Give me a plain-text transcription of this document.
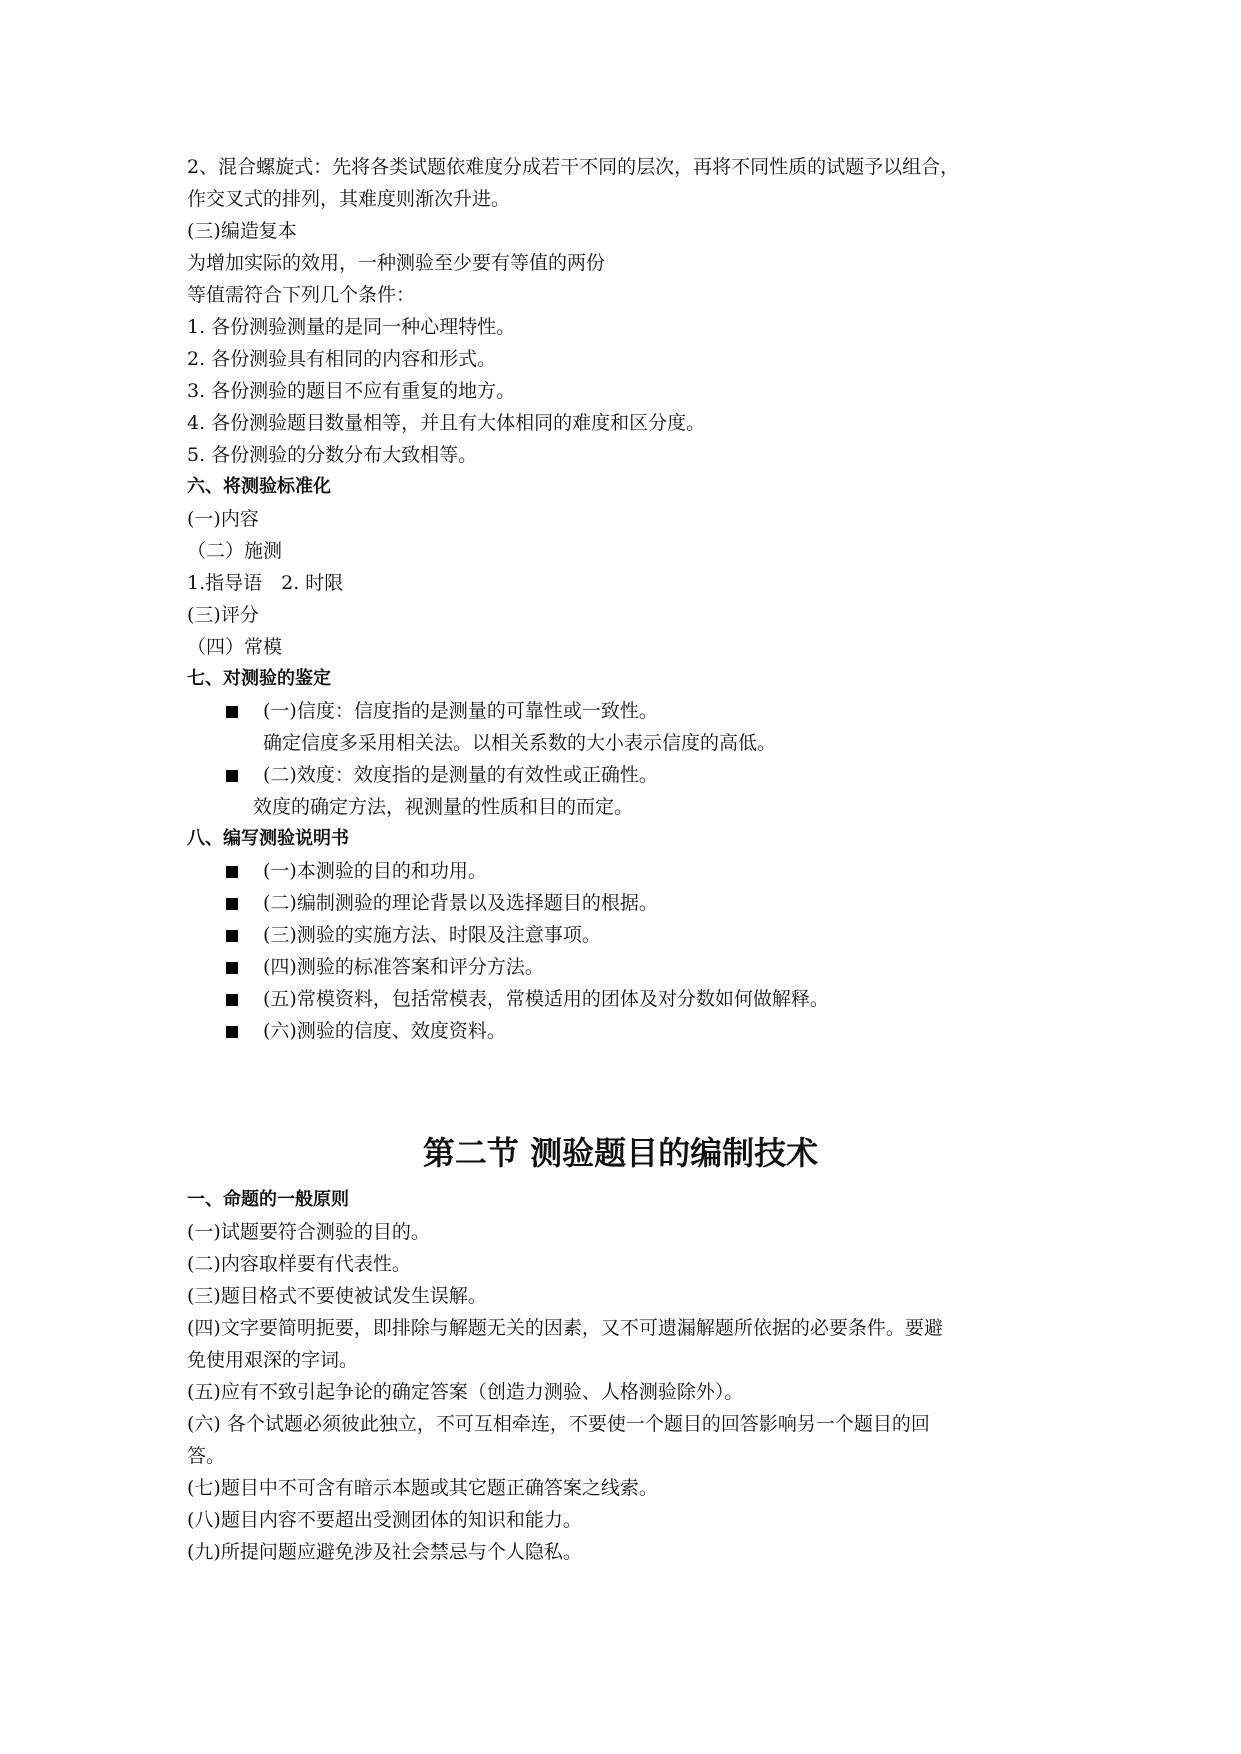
2、混合螺旋式：先将各类试题依难度分成若干不同的层次，再将不同性质的试题予以组合，
作交叉式的排列，其难度则渐次升进。
(三)编造复本
为增加实际的效用，一种测验至少要有等值的两份
等值需符合下列几个条件：
1. 各份测验测量的是同一种心理特性。
2. 各份测验具有相同的内容和形式。
3. 各份测验的题目不应有重复的地方。
4. 各份测验题目数量相等，并且有大体相同的难度和区分度。
5. 各份测验的分数分布大致相等。
六、将测验标准化
(一)内容
（二）施测
1.指导语　2. 时限
(三)评分
（四）常模
七、对测验的鉴定
(一)信度：信度指的是测量的可靠性或一致性。
确定信度多采用相关法。以相关系数的大小表示信度的高低。
(二)效度：效度指的是测量的有效性或正确性。
效度的确定方法，视测量的性质和目的而定。
八、编写测验说明书
(一)本测验的目的和功用。
(二)编制测验的理论背景以及选择题目的根据。
(三)测验的实施方法、时限及注意事项。
(四)测验的标准答案和评分方法。
(五)常模资料，包括常模表，常模适用的团体及对分数如何做解释。
(六)测验的信度、效度资料。
第二节 测验题目的编制技术
一、命题的一般原则
(一)试题要符合测验的目的。
(二)内容取样要有代表性。
(三)题目格式不要使被试发生误解。
(四)文字要简明扼要，即排除与解题无关的因素，又不可遗漏解题所依据的必要条件。要避
免使用艰深的字词。
(五)应有不致引起争论的确定答案（创造力测验、人格测验除外）。
(六) 各个试题必须彼此独立，不可互相牵连，不要使一个题目的回答影响另一个题目的回
答。
(七)题目中不可含有暗示本题或其它题正确答案之线索。
(八)题目内容不要超出受测团体的知识和能力。
(九)所提问题应避免涉及社会禁忌与个人隐私。
